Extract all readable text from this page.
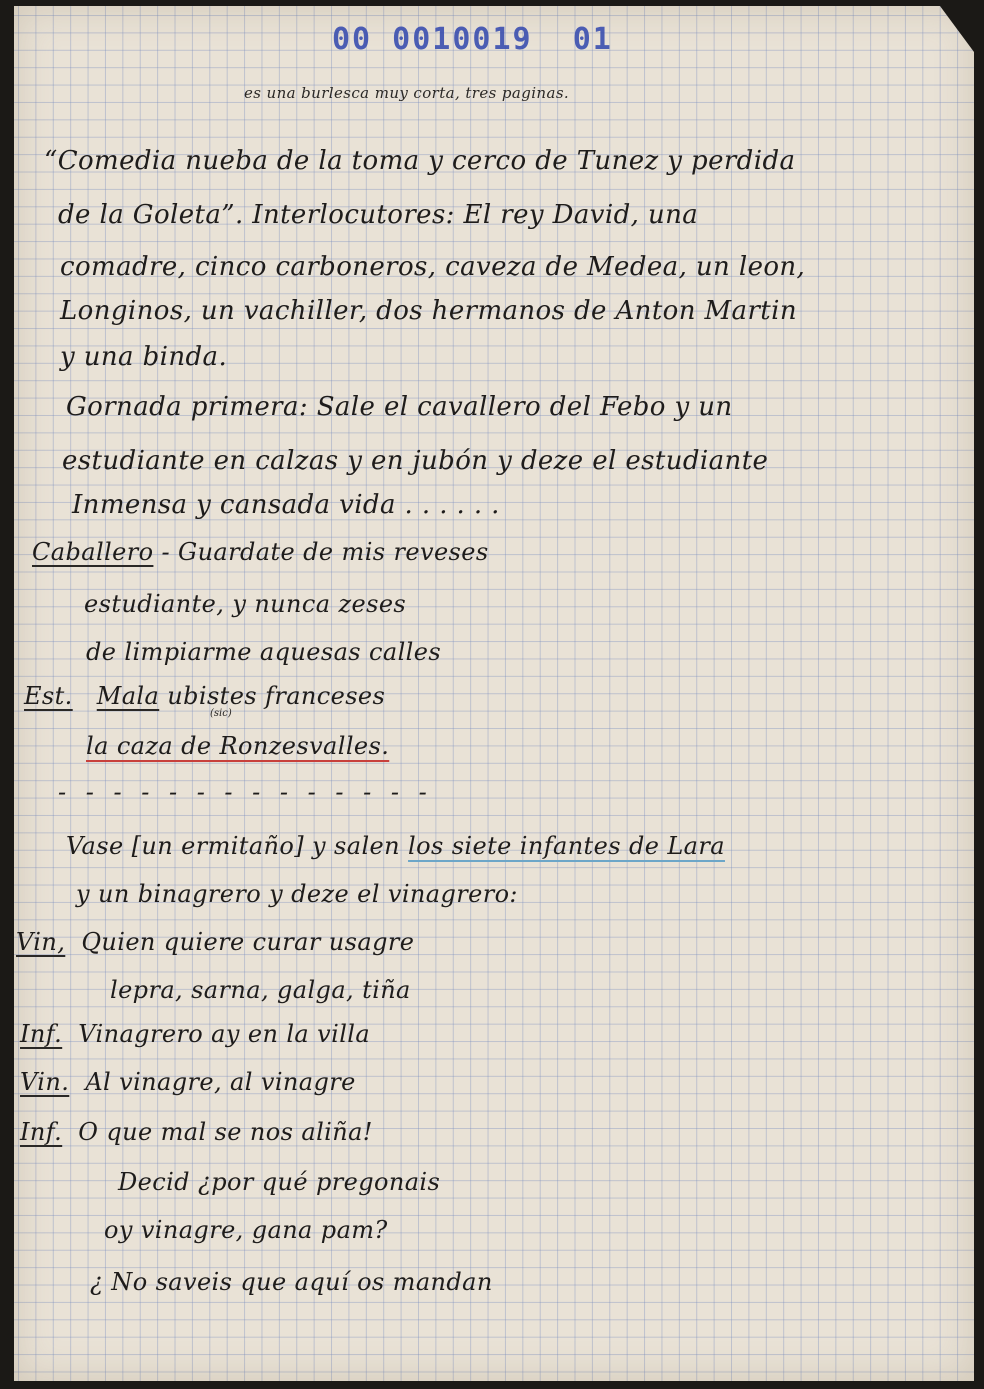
00 0010019  01
es una burlesca muy corta, tres paginas.
“Comedia nueba de la toma y cerco de Tunez y perdida
de la Goleta”. Interlocutores: El rey David, una
comadre, cinco carboneros, caveza de Medea, un leon,
Longinos, un vachiller, dos hermanos de Anton Martin
y una binda.
Gornada primera: Sale el cavallero del Febo y un
estudiante en calzas y en jubón y deze el estudiante
Inmensa y cansada vida . . . . . .
Caballero - Guardate de mis reveses
estudiante, y nunca zeses
de limpiarme aquesas calles
Est. Mala ubistes franceses
(sic)
la caza de Ronzesvalles.
- - - - - - - - - - - - - -
Vase [un ermitaño] y salen los siete infantes de Lara
y un binagrero y deze el vinagrero:
Vin, Quien quiere curar usagre
lepra, sarna, galga, tiña
Inf. Vinagrero ay en la villa
Vin. Al vinagre, al vinagre
Inf. O que mal se nos aliña!
Decid ¿por qué pregonais
oy vinagre, gana pam?
¿ No saveis que aquí os mandan
